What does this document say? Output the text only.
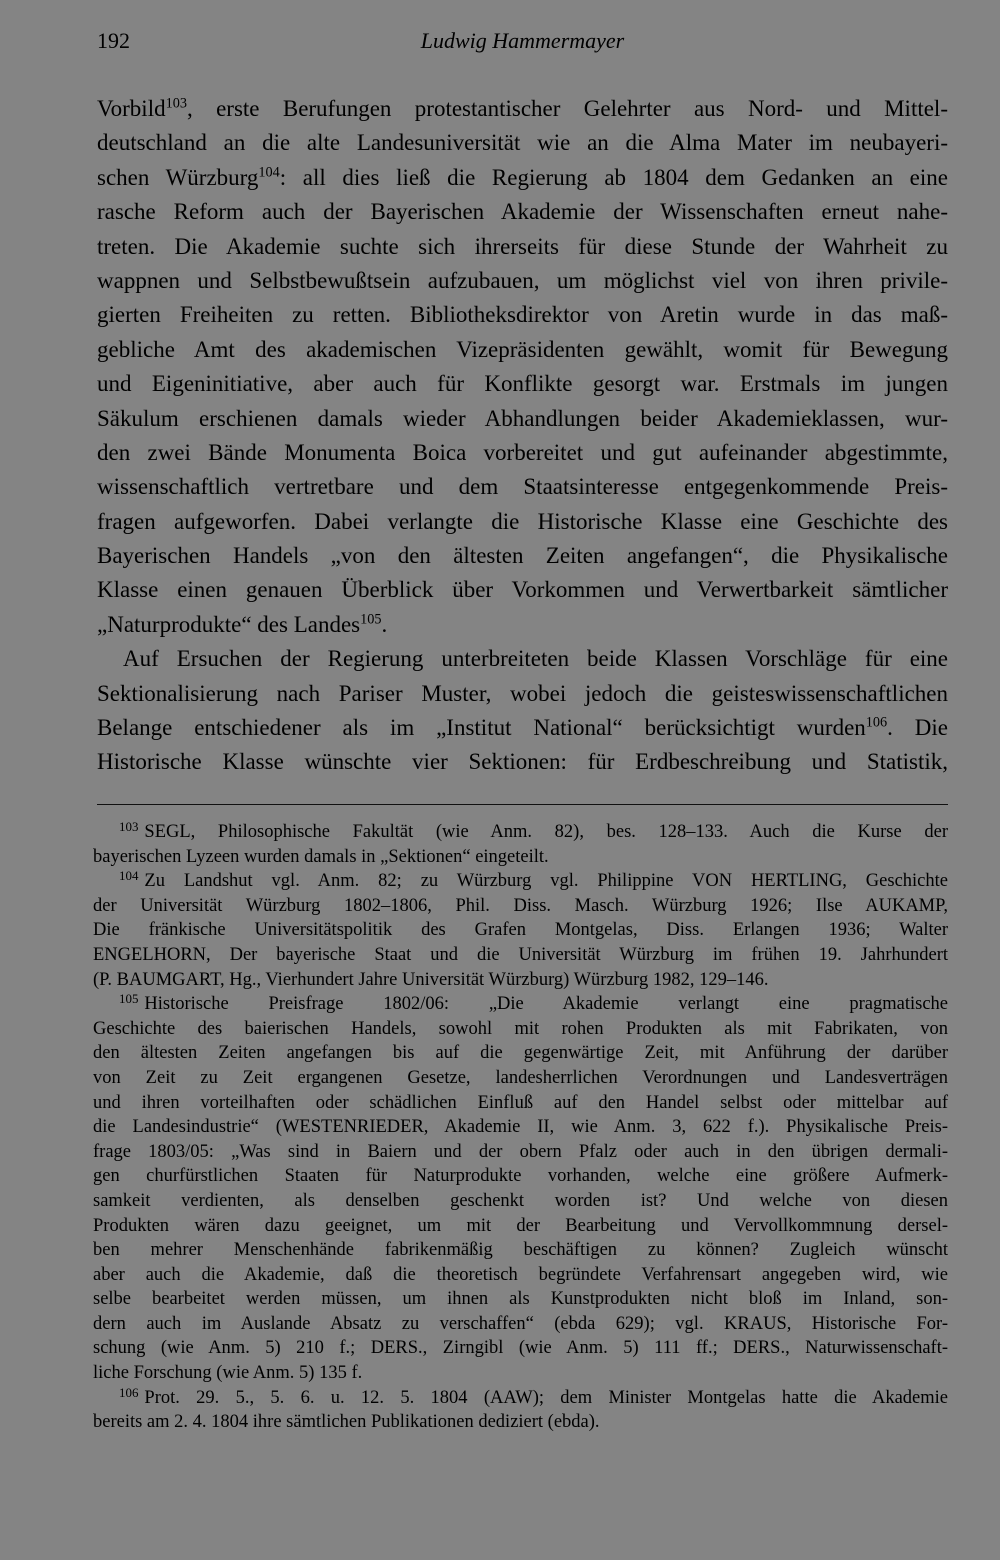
192	Ludwig Hammermayer
Vorbild$^{103}$, erste Berufungen protestantischer Gelehrter aus Nord- und Mittel-
deutschland an die alte Landesuniversität wie an die Alma Mater im neubayeri-
schen Würzburg$^{104}$: all dies ließ die Regierung ab 1804 dem Gedanken an eine
rasche Reform auch der Bayerischen Akademie der Wissenschaften erneut nahe-
treten. Die Akademie suchte sich ihrerseits für diese Stunde der Wahrheit zu
wappnen und Selbstbewußtsein aufzubauen, um möglichst viel von ihren privile-
gierten Freiheiten zu retten. Bibliotheksdirektor von Aretin wurde in das maß-
gebliche Amt des akademischen Vizepräsidenten gewählt, womit für Bewegung
und Eigeninitiative, aber auch für Konflikte gesorgt war. Erstmals im jungen
Säkulum erschienen damals wieder Abhandlungen beider Akademieklassen, wur-
den zwei Bände Monumenta Boica vorbereitet und gut aufeinander abgestimmte,
wissenschaftlich vertretbare und dem Staatsinteresse entgegenkommende Preis-
fragen aufgeworfen. Dabei verlangte die Historische Klasse eine Geschichte des
Bayerischen Handels „von den ältesten Zeiten angefangen“, die Physikalische
Klasse einen genauen Überblick über Vorkommen und Verwertbarkeit sämtlicher
„Naturprodukte“ des Landes$^{105}$.
Auf Ersuchen der Regierung unterbreiteten beide Klassen Vorschläge für eine
Sektionalisierung nach Pariser Muster, wobei jedoch die geisteswissenschaftlichen
Belange entschiedener als im „Institut National“ berücksichtigt wurden$^{106}$. Die
Historische Klasse wünschte vier Sektionen: für Erdbeschreibung und Statistik,
$^{103}$ SEGL, Philosophische Fakultät (wie Anm. 82), bes. 128–133. Auch die Kurse der
bayerischen Lyzeen wurden damals in „Sektionen“ eingeteilt.
$^{104}$ Zu Landshut vgl. Anm. 82; zu Würzburg vgl. Philippine VON HERTLING, Geschichte
der Universität Würzburg 1802–1806, Phil. Diss. Masch. Würzburg 1926; Ilse AUKAMP,
Die fränkische Universitätspolitik des Grafen Montgelas, Diss. Erlangen 1936; Walter
ENGELHORN, Der bayerische Staat und die Universität Würzburg im frühen 19. Jahrhundert
(P. BAUMGART, Hg., Vierhundert Jahre Universität Würzburg) Würzburg 1982, 129–146.
$^{105}$ Historische Preisfrage 1802/06: „Die Akademie verlangt eine pragmatische
Geschichte des baierischen Handels, sowohl mit rohen Produkten als mit Fabrikaten, von
den ältesten Zeiten angefangen bis auf die gegenwärtige Zeit, mit Anführung der darüber
von Zeit zu Zeit ergangenen Gesetze, landesherrlichen Verordnungen und Landesverträgen
und ihren vorteilhaften oder schädlichen Einfluß auf den Handel selbst oder mittelbar auf
die Landesindustrie“ (WESTENRIEDER, Akademie II, wie Anm. 3, 622 f.). Physikalische Preis-
frage 1803/05: „Was sind in Baiern und der obern Pfalz oder auch in den übrigen dermali-
gen churfürstlichen Staaten für Naturprodukte vorhanden, welche eine größere Aufmerk-
samkeit verdienten, als denselben geschenkt worden ist? Und welche von diesen
Produkten wären dazu geeignet, um mit der Bearbeitung und Vervollkommnung dersel-
ben mehrer Menschenhände fabrikenmäßig beschäftigen zu können? Zugleich wünscht
aber auch die Akademie, daß die theoretisch begründete Verfahrensart angegeben wird, wie
selbe bearbeitet werden müssen, um ihnen als Kunstprodukten nicht bloß im Inland, son-
dern auch im Auslande Absatz zu verschaffen“ (ebda 629); vgl. KRAUS, Historische For-
schung (wie Anm. 5) 210 f.; DERS., Zirngibl (wie Anm. 5) 111 ff.; DERS., Naturwissenschaft-
liche Forschung (wie Anm. 5) 135 f.
$^{106}$ Prot. 29. 5., 5. 6. u. 12. 5. 1804 (AAW); dem Minister Montgelas hatte die Akademie
bereits am 2. 4. 1804 ihre sämtlichen Publikationen dediziert (ebda).
